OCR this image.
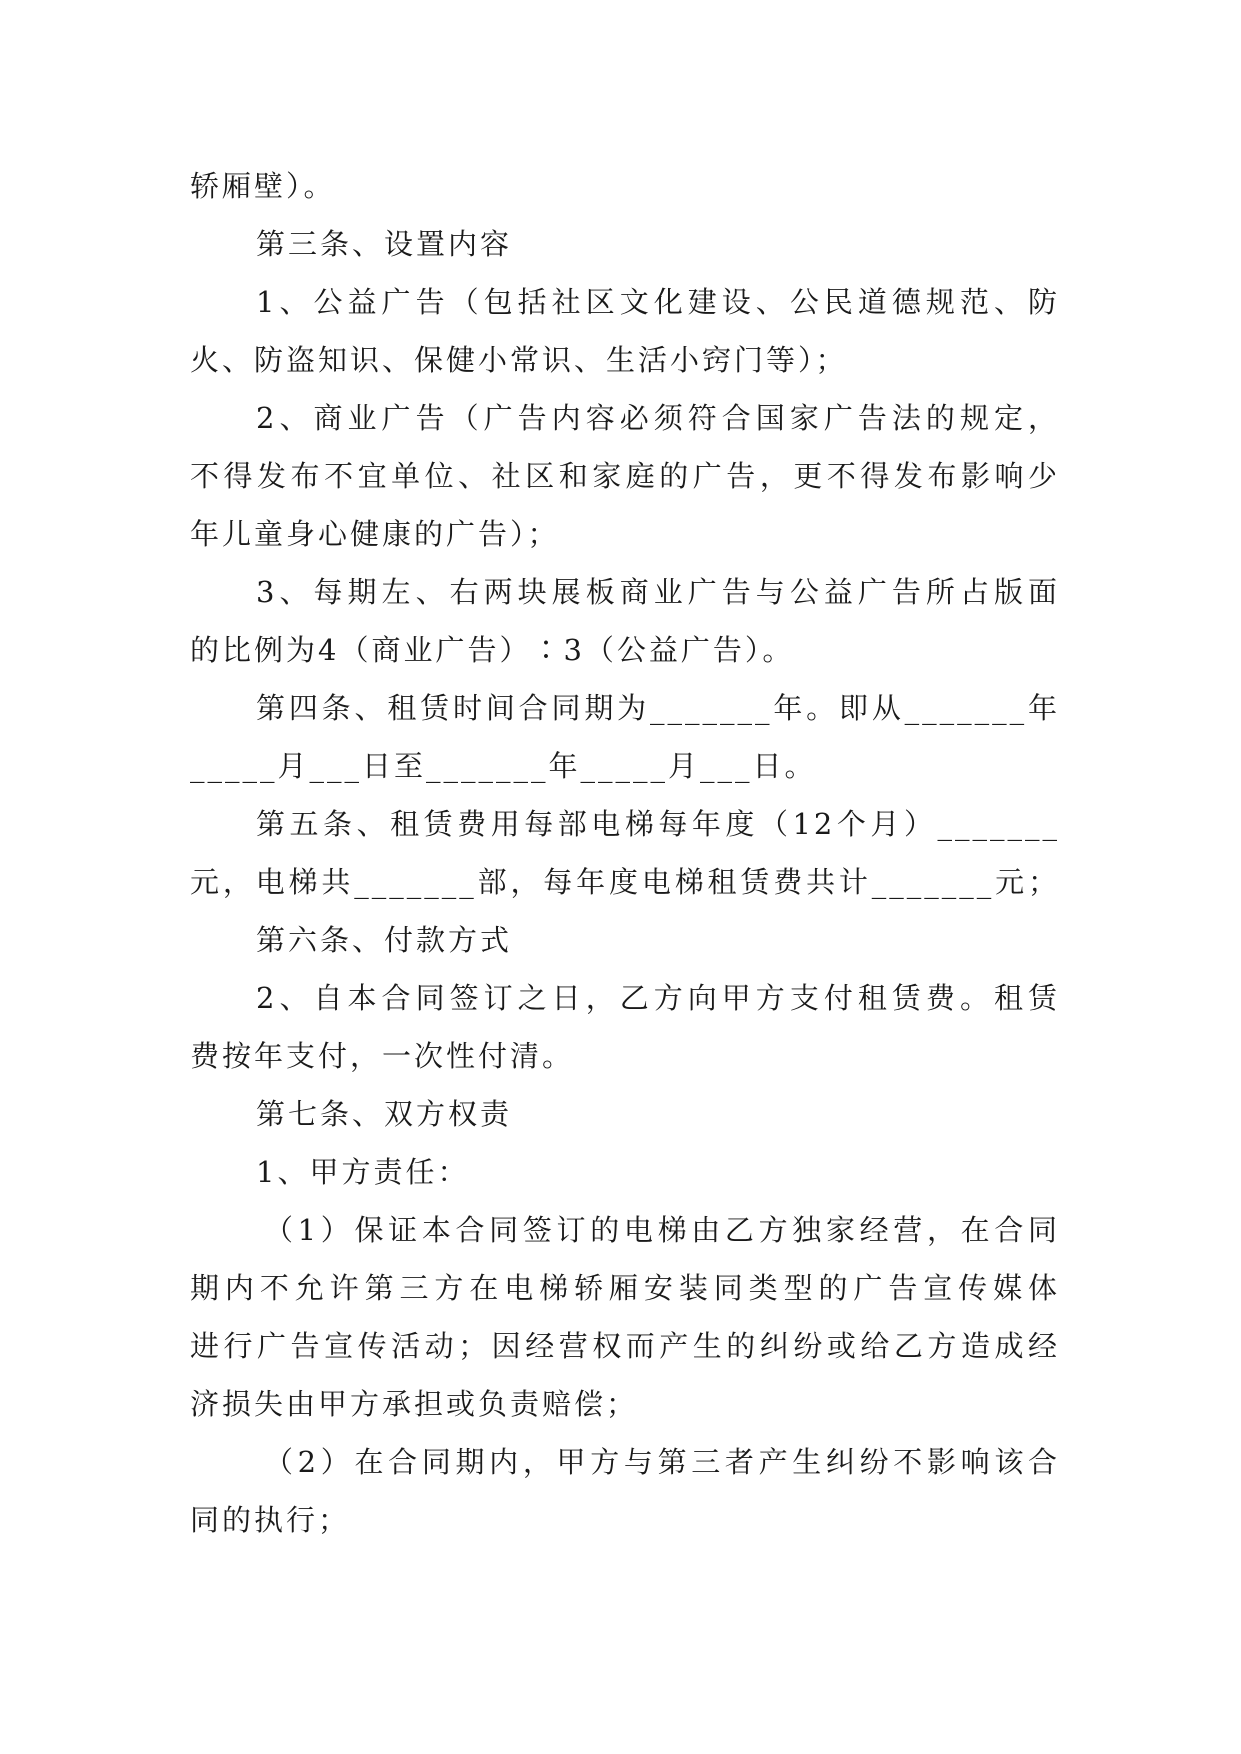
轿厢壁）。
第三条、设置内容
1、公益广告（包括社区文化建设、公民道德规范、防
火、防盗知识、保健小常识、生活小窍门等）；
2、商业广告（广告内容必须符合国家广告法的规定，
不得发布不宜单位、社区和家庭的广告，更不得发布影响少
年儿童身心健康的广告）；
3、每期左、右两块展板商业广告与公益广告所占版面
的比例为4（商业广告）∶3（公益广告）。
第四条、租赁时间合同期为_______年。即从_______年
_____月___日至_______年_____月___日。
第五条、租赁费用每部电梯每年度（12个月）_______
元，电梯共_______部，每年度电梯租赁费共计_______元；
第六条、付款方式
2、自本合同签订之日，乙方向甲方支付租赁费。租赁
费按年支付，一次性付清。
第七条、双方权责
1、甲方责任：
（1）保证本合同签订的电梯由乙方独家经营，在合同
期内不允许第三方在电梯轿厢安装同类型的广告宣传媒体
进行广告宣传活动；因经营权而产生的纠纷或给乙方造成经
济损失由甲方承担或负责赔偿；
（2）在合同期内，甲方与第三者产生纠纷不影响该合
同的执行；
